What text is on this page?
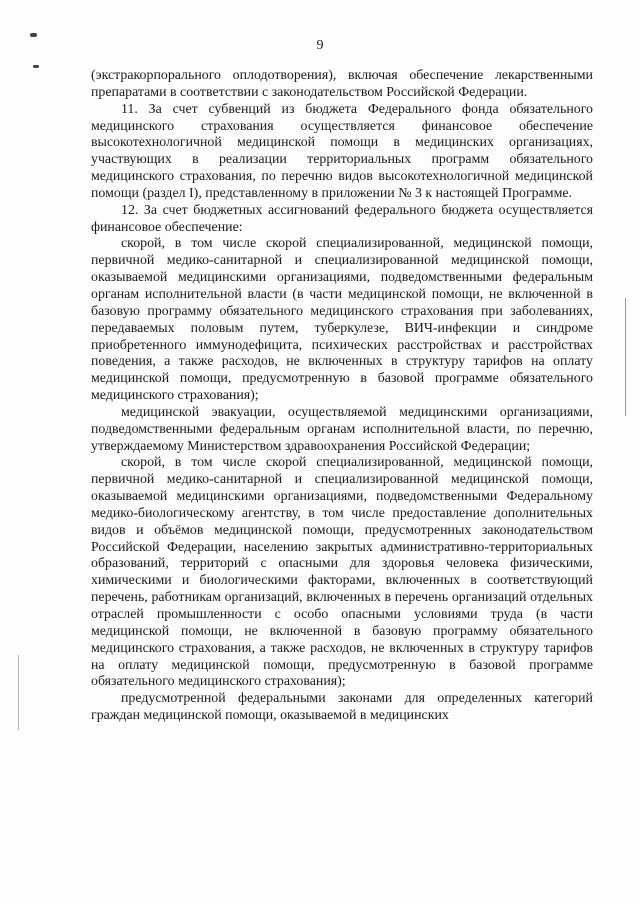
9

(экстракорпорального оплодотворения), включая обеспечение лекарственными препаратами в соответствии с законодательством Российской Федерации.

11. За счет субвенций из бюджета Федерального фонда обязательного медицинского страхования осуществляется финансовое обеспечение высокотехнологичной медицинской помощи в медицинских организациях, участвующих в реализации территориальных программ обязательного медицинского страхования, по перечню видов высокотехнологичной медицинской помощи (раздел I), представленному в приложении № 3 к настоящей Программе.

12. За счет бюджетных ассигнований федерального бюджета осуществляется финансовое обеспечение:

скорой, в том числе скорой специализированной, медицинской помощи, первичной медико-санитарной и специализированной медицинской помощи, оказываемой медицинскими организациями, подведомственными федеральным органам исполнительной власти (в части медицинской помощи, не включенной в базовую программу обязательного медицинского страхования при заболеваниях, передаваемых половым путем, туберкулезе, ВИЧ-инфекции и синдроме приобретенного иммунодефицита, психических расстройствах и расстройствах поведения, а также расходов, не включенных в структуру тарифов на оплату медицинской помощи, предусмотренную в базовой программе обязательного медицинского страхования);

медицинской эвакуации, осуществляемой медицинскими организациями, подведомственными федеральным органам исполнительной власти, по перечню, утверждаемому Министерством здравоохранения Российской Федерации;

скорой, в том числе скорой специализированной, медицинской помощи, первичной медико-санитарной и специализированной медицинской помощи, оказываемой медицинскими организациями, подведомственными Федеральному медико-биологическому агентству, в том числе предоставление дополнительных видов и объёмов медицинской помощи, предусмотренных законодательством Российской Федерации, населению закрытых административно-территориальных образований, территорий с опасными для здоровья человека физическими, химическими и биологическими факторами, включенных в соответствующий перечень, работникам организаций, включенных в перечень организаций отдельных отраслей промышленности с особо опасными условиями труда (в части медицинской помощи, не включенной в базовую программу обязательного медицинского страхования, а также расходов, не включенных в структуру тарифов на оплату медицинской помощи, предусмотренную в базовой программе обязательного медицинского страхования);

предусмотренной федеральными законами для определенных категорий граждан медицинской помощи, оказываемой в медицинских
